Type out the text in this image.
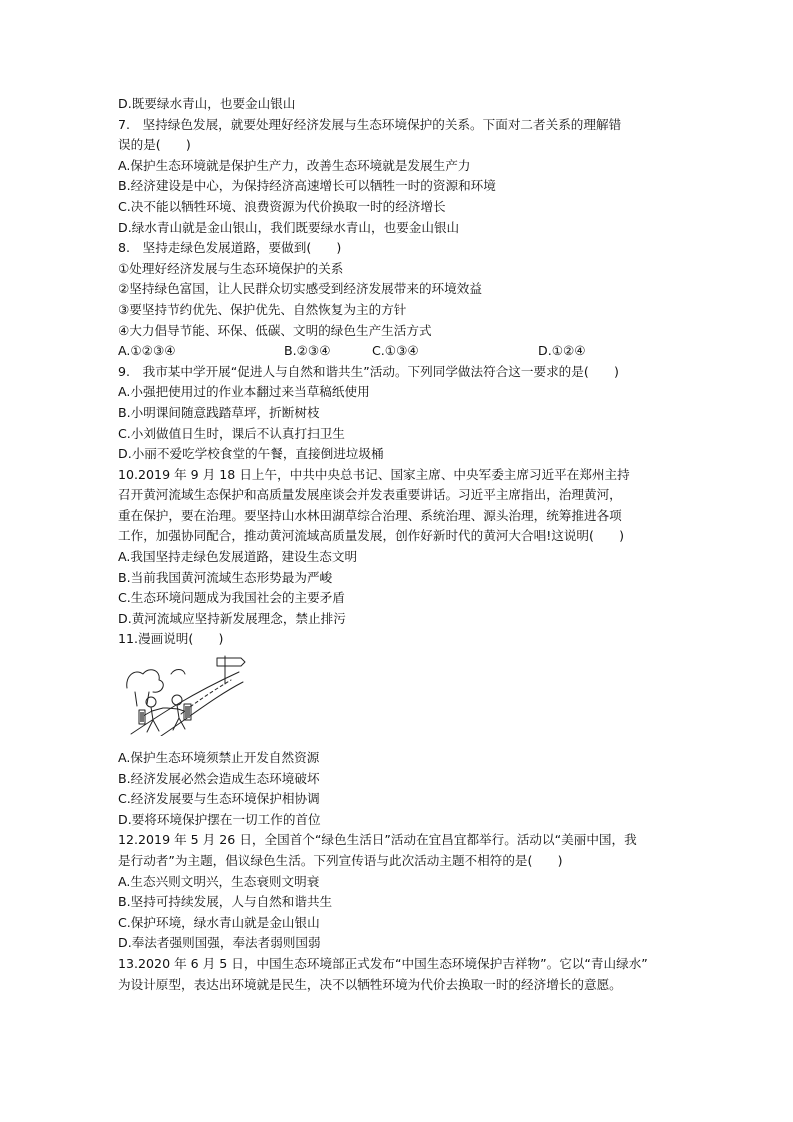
D.既要绿水青山，也要金山银山
7.　坚持绿色发展，就要处理好经济发展与生态环境保护的关系。下面对二者关系的理解错
误的是(　　)
A.保护生态环境就是保护生产力，改善生态环境就是发展生产力
B.经济建设是中心，为保持经济高速增长可以牺牲一时的资源和环境
C.决不能以牺牲环境、浪费资源为代价换取一时的经济增长
D.绿水青山就是金山银山，我们既要绿水青山，也要金山银山
8.　坚持走绿色发展道路，要做到(　　)
①处理好经济发展与生态环境保护的关系
②坚持绿色富国，让人民群众切实感受到经济发展带来的环境效益
③要坚持节约优先、保护优先、自然恢复为主的方针
④大力倡导节能、环保、低碳、文明的绿色生产生活方式
A.①②③④	B.②③④	C.①③④	D.①②④
9.　我市某中学开展“促进人与自然和谐共生”活动。下列同学做法符合这一要求的是(　　)
A.小强把使用过的作业本翻过来当草稿纸使用
B.小明课间随意践踏草坪，折断树枝
C.小刘做值日生时，课后不认真打扫卫生
D.小丽不爱吃学校食堂的午餐，直接倒进垃圾桶
10.2019 年 9 月 18 日上午，中共中央总书记、国家主席、中央军委主席习近平在郑州主持
召开黄河流域生态保护和高质量发展座谈会并发表重要讲话。习近平主席指出，治理黄河，
重在保护，要在治理。要坚持山水林田湖草综合治理、系统治理、源头治理，统筹推进各项
工作，加强协同配合，推动黄河流域高质量发展，创作好新时代的黄河大合唱!这说明(　　)
A.我国坚持走绿色发展道路，建设生态文明
B.当前我国黄河流域生态形势最为严峻
C.生态环境问题成为我国社会的主要矛盾
D.黄河流域应坚持新发展理念，禁止排污
11.漫画说明(　　)
A.保护生态环境须禁止开发自然资源
B.经济发展必然会造成生态环境破坏
C.经济发展要与生态环境保护相协调
D.要将环境保护摆在一切工作的首位
12.2019 年 5 月 26 日，全国首个“绿色生活日”活动在宜昌宜都举行。活动以“美丽中国，我
是行动者”为主题，倡议绿色生活。下列宣传语与此次活动主题不相符的是(　　)
A.生态兴则文明兴，生态衰则文明衰
B.坚持可持续发展，人与自然和谐共生
C.保护环境，绿水青山就是金山银山
D.奉法者强则国强，奉法者弱则国弱
13.2020 年 6 月 5 日，中国生态环境部正式发布“中国生态环境保护吉祥物”。它以“青山绿水”
为设计原型，表达出环境就是民生，决不以牺牲环境为代价去换取一时的经济增长的意愿。
